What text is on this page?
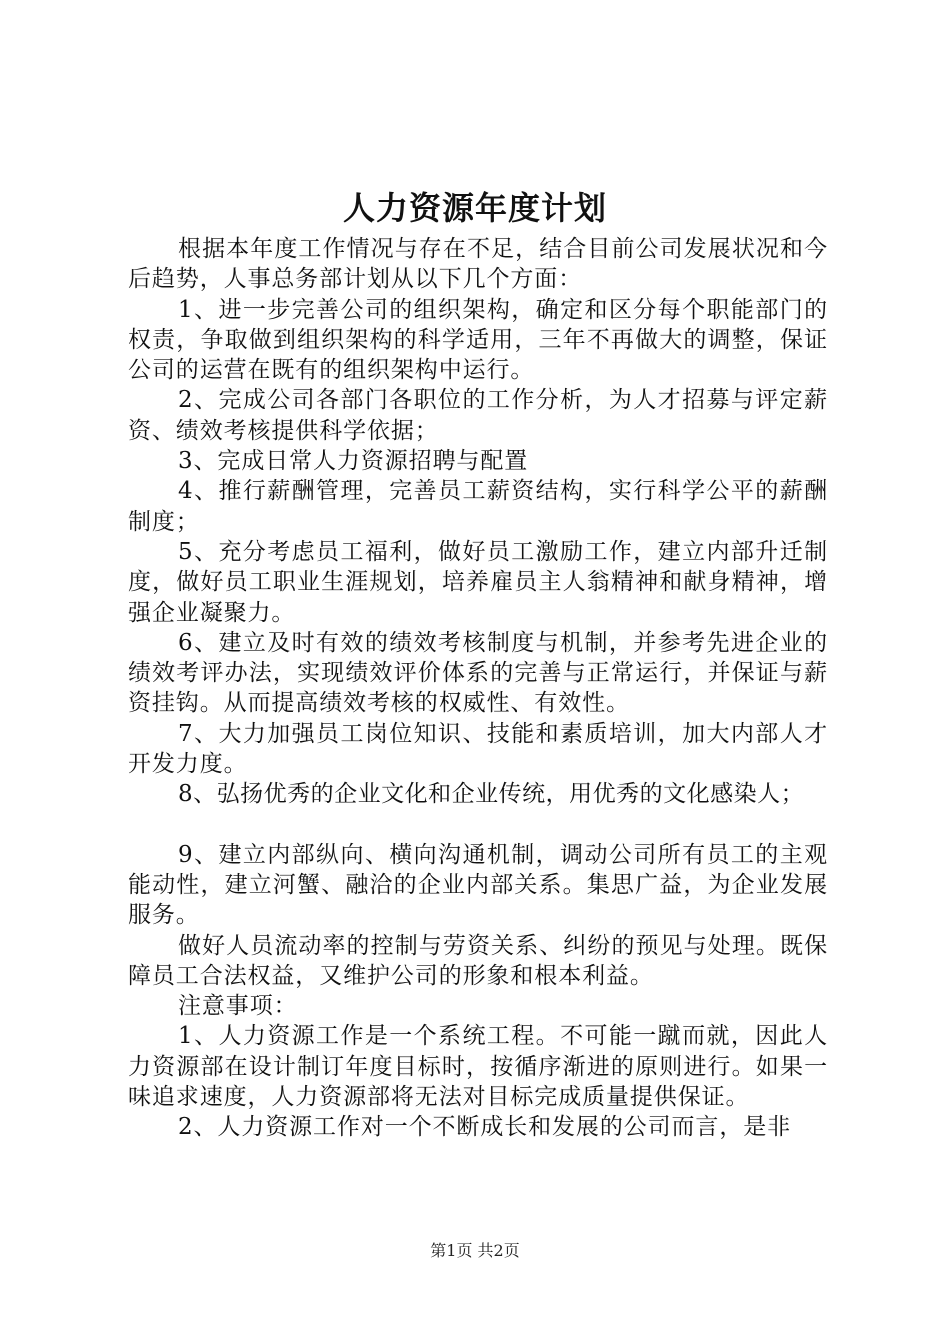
人力资源年度计划

根据本年度工作情况与存在不足，结合目前公司发展状况和今后趋势，人事总务部计划从以下几个方面：

1、进一步完善公司的组织架构，确定和区分每个职能部门的权责，争取做到组织架构的科学适用，三年不再做大的调整，保证公司的运营在既有的组织架构中运行。

2、完成公司各部门各职位的工作分析，为人才招募与评定薪资、绩效考核提供科学依据；

3、完成日常人力资源招聘与配置

4、推行薪酬管理，完善员工薪资结构，实行科学公平的薪酬制度；

5、充分考虑员工福利，做好员工激励工作，建立内部升迁制度，做好员工职业生涯规划，培养雇员主人翁精神和献身精神，增强企业凝聚力。

6、建立及时有效的绩效考核制度与机制，并参考先进企业的绩效考评办法，实现绩效评价体系的完善与正常运行，并保证与薪资挂钩。从而提高绩效考核的权威性、有效性。

7、大力加强员工岗位知识、技能和素质培训，加大内部人才开发力度。

8、弘扬优秀的企业文化和企业传统，用优秀的文化感染人；

9、建立内部纵向、横向沟通机制，调动公司所有员工的主观能动性，建立河蟹、融洽的企业内部关系。集思广益，为企业发展服务。

做好人员流动率的控制与劳资关系、纠纷的预见与处理。既保障员工合法权益，又维护公司的形象和根本利益。

注意事项：

1、人力资源工作是一个系统工程。不可能一蹴而就，因此人力资源部在设计制订年度目标时，按循序渐进的原则进行。如果一味追求速度，人力资源部将无法对目标完成质量提供保证。

2、人力资源工作对一个不断成长和发展的公司而言，是非

第1页 共2页
